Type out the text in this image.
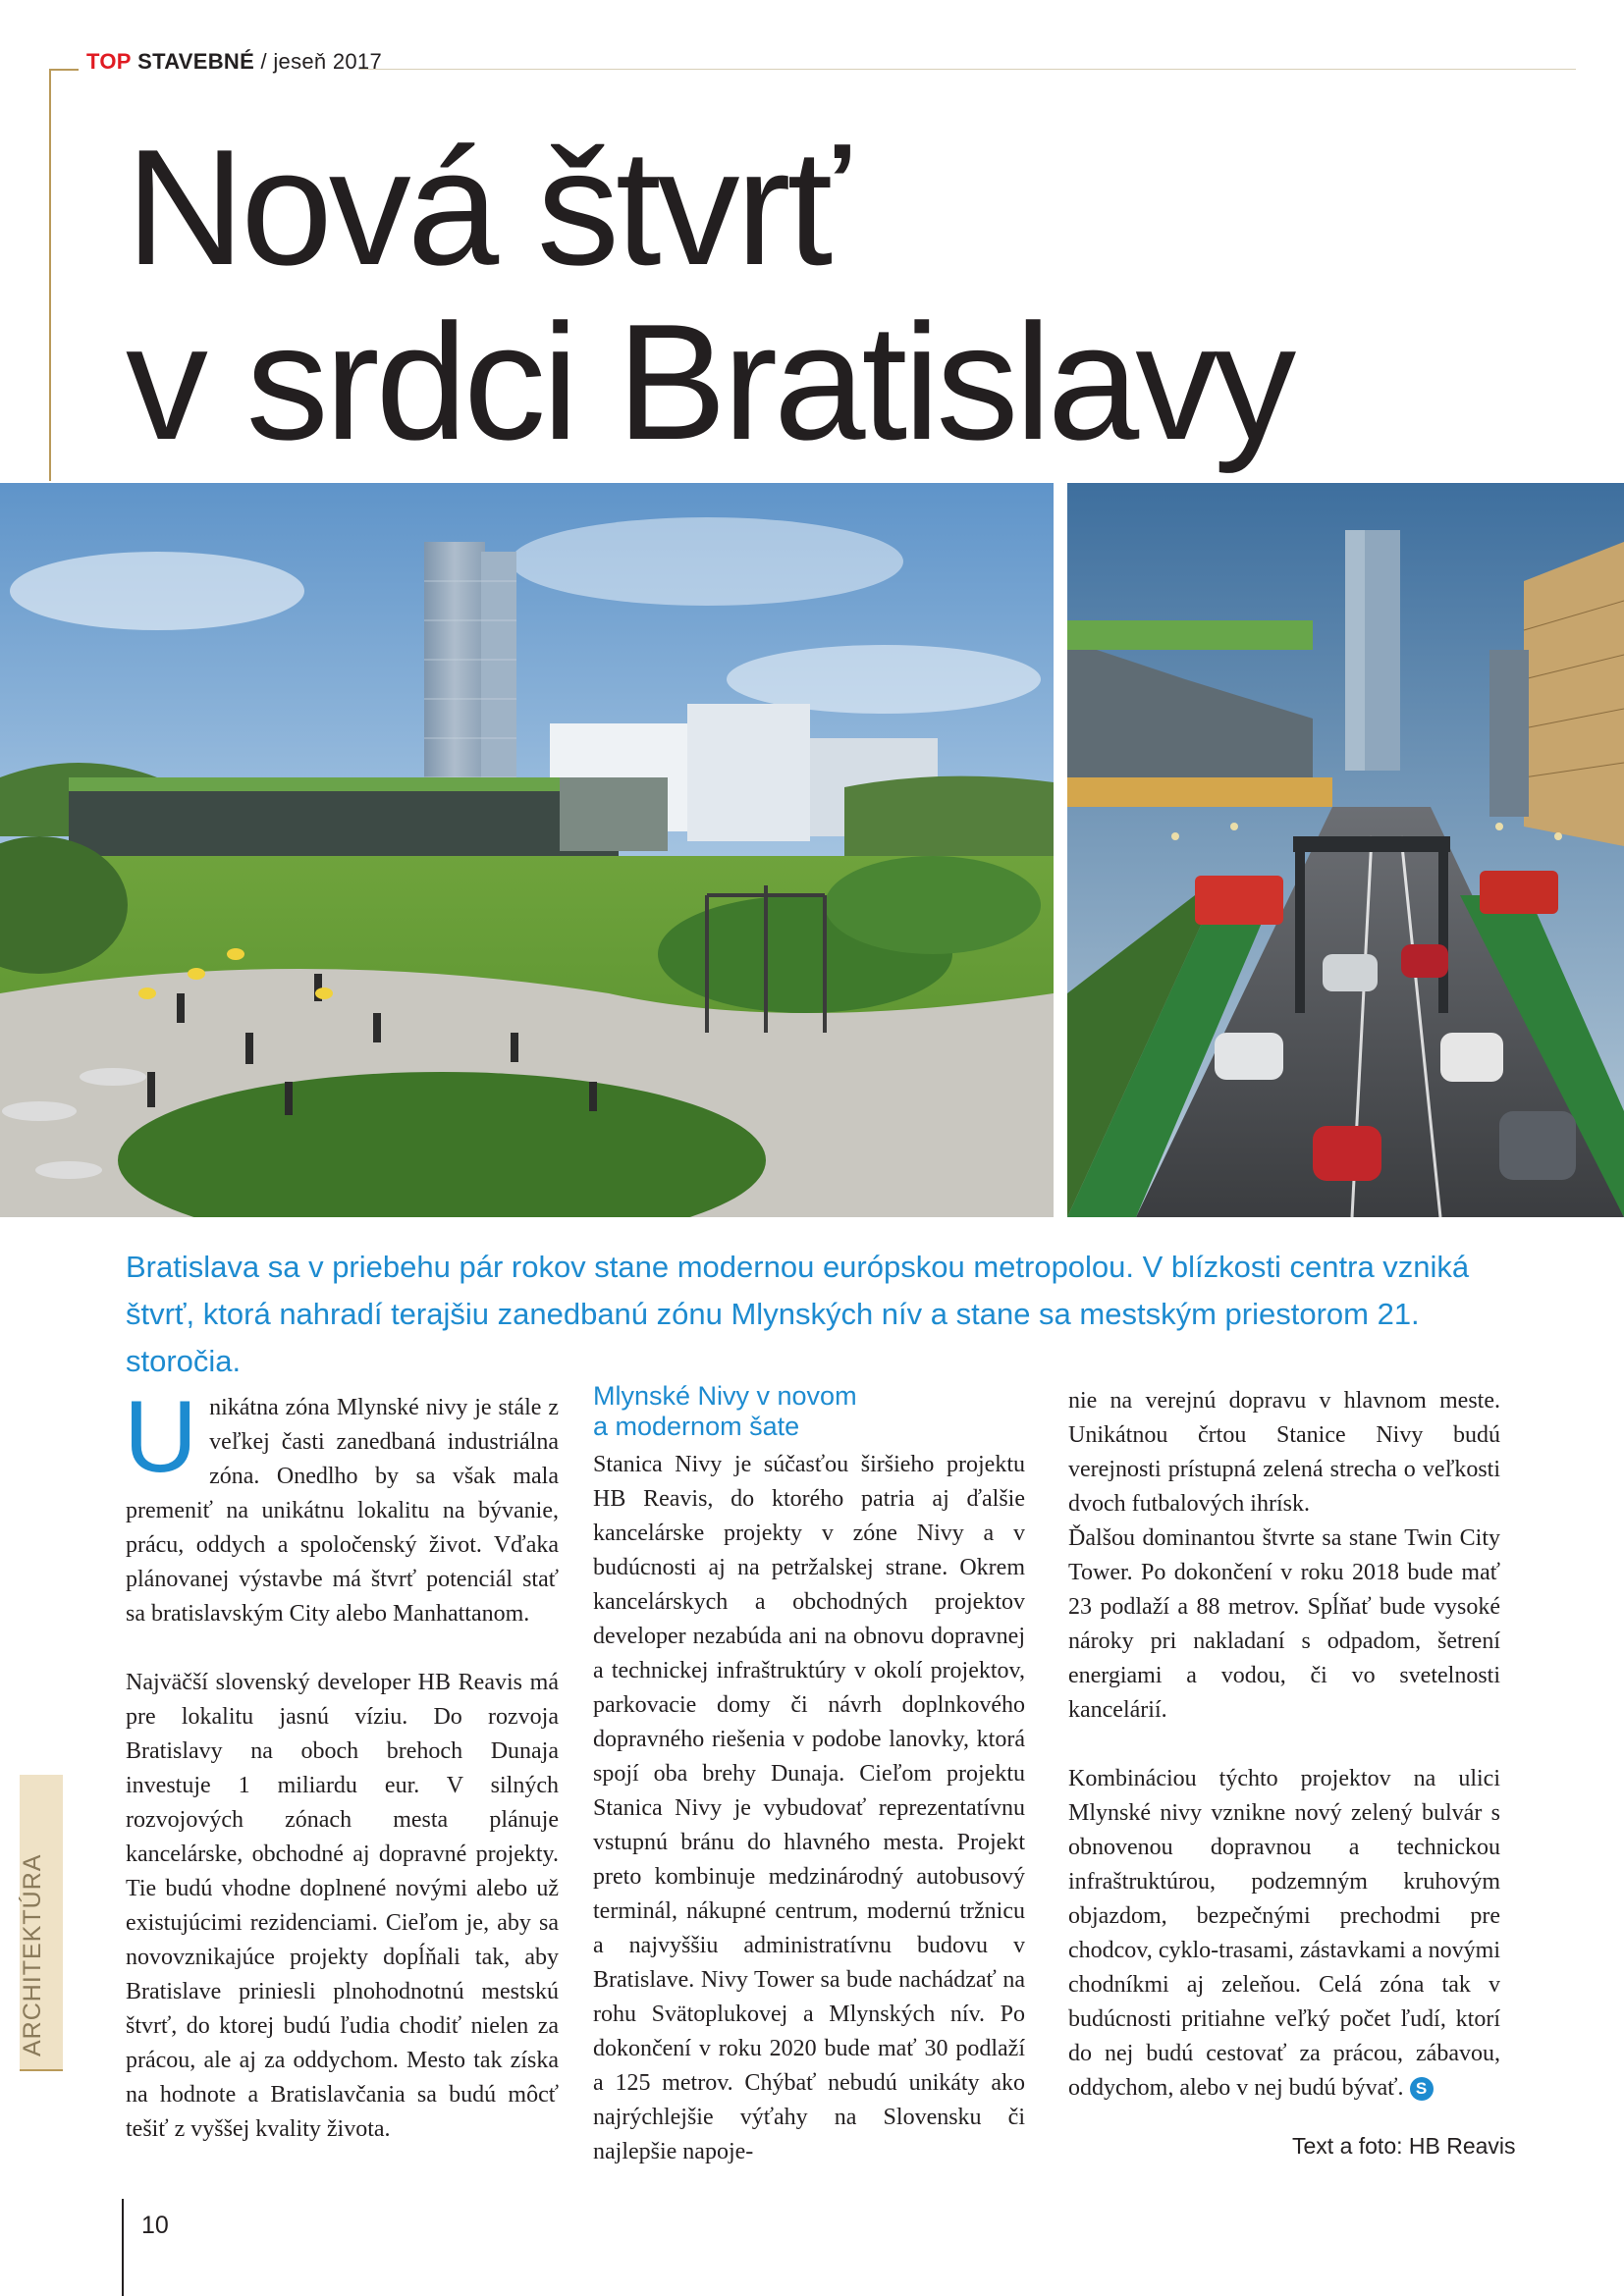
TOP STAVEBNÉ / jeseň 2017
Nová štvrť
v srdci Bratislavy

Bratislava sa v priebehu pár rokov stane modernou európskou metropolou. V blízkosti centra vzniká štvrť, ktorá nahradí terajšiu zanedbanú zónu Mlynských nív a stane sa mestským priestorom 21. storočia.

Unikátna zóna Mlynské nivy je stále z veľkej časti zanedbaná industriálna zóna. Onedlho by sa však mala premeniť na unikátnu lokalitu na bývanie, prácu, oddych a spoločenský život. Vďaka plánovanej výstavbe má štvrť potenciál stať sa bratislavským City alebo Manhattanom.

Najväčší slovenský developer HB Reavis má pre lokalitu jasnú víziu. Do rozvoja Bratislavy na oboch brehoch Dunaja investuje 1 miliardu eur. V silných rozvojových zónach mesta plánuje kancelárske, obchodné aj dopravné projekty. Tie budú vhodne doplnené novými alebo už existujúcimi rezidenciami. Cieľom je, aby sa novovznikajúce projekty dopĺňali tak, aby Bratislave priniesli plnohodnotnú mestskú štvrť, do ktorej budú ľudia chodiť nielen za prácou, ale aj za oddychom. Mesto tak získa na hodnote a Bratislavčania sa budú môcť tešiť z vyššej kvality života.

Mlynské Nivy v novom
a modernom šate

Stanica Nivy je súčasťou širšieho projektu HB Reavis, do ktorého patria aj ďalšie kancelárske projekty v zóne Nivy a v budúcnosti aj na petržalskej strane. Okrem kancelárskych a obchodných projektov developer nezabúda ani na obnovu dopravnej a technickej infraštruktúry v okolí projektov, parkovacie domy či návrh doplnkového dopravného riešenia v podobe lanovky, ktorá spojí oba brehy Dunaja. Cieľom projektu Stanica Nivy je vybudovať reprezentatívnu vstupnú bránu do hlavného mesta. Projekt preto kombinuje medzinárodný autobusový terminál, nákupné centrum, modernú tržnicu a najvyššiu administratívnu budovu v Bratislave. Nivy Tower sa bude nachádzať na rohu Svätoplukovej a Mlynských nív. Po dokončení v roku 2020 bude mať 30 podlaží a 125 metrov. Chýbať nebudú unikáty ako najrýchlejšie výťahy na Slovensku či najlepšie napoje-

nie na verejnú dopravu v hlavnom meste. Unikátnou črtou Stanice Nivy budú verejnosti prístupná zelená strecha o veľkosti dvoch futbalových ihrísk.

Ďalšou dominantou štvrte sa stane Twin City Tower. Po dokončení v roku 2018 bude mať 23 podlaží a 88 metrov. Spĺňať bude vysoké nároky pri nakladaní s odpadom, šetrení energiami a vodou, či vo svetelnosti kancelárií.

Kombináciou týchto projektov na ulici Mlynské nivy vznikne nový zelený bulvár s obnovenou dopravnou a technickou infraštruktúrou, podzemným kruhovým objazdom, bezpečnými prechodmi pre chodcov, cyklo-trasami, zástavkami a novými chodníkmi aj zeleňou. Celá zóna tak v budúcnosti pritiahne veľký počet ľudí, ktorí do nej budú cestovať za prácou, zábavou, oddychom, alebo v nej budú bývať. S

Text a foto: HB Reavis
ARCHITEKTÚRA
10
